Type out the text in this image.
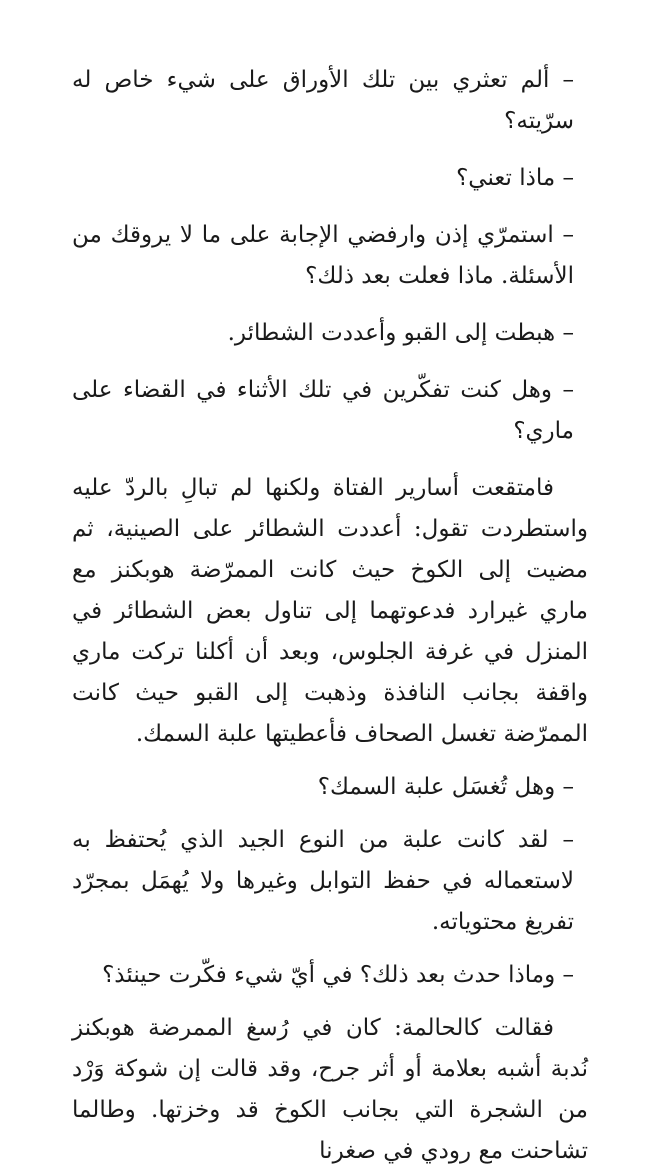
– ألم تعثري بين تلك الأوراق على شيء خاص له سرّيته؟

– ماذا تعني؟

– استمرّي إذن وارفضي الإجابة على ما لا يروقك من الأسئلة. ماذا فعلت بعد ذلك؟

– هبطت إلى القبو وأعددت الشطائر.

– وهل كنت تفكّرين في تلك الأثناء في القضاء على ماري؟

فامتقعت أسارير الفتاة ولكنها لم تبالِ بالردّ عليه واستطردت تقول: أعددت الشطائر على الصينية، ثم مضيت إلى الكوخ حيث كانت الممرّضة هوبكنز مع ماري غيرارد فدعوتهما إلى تناول بعض الشطائر في المنزل في غرفة الجلوس، وبعد أن أكلنا تركت ماري واقفة بجانب النافذة وذهبت إلى القبو حيث كانت الممرّضة تغسل الصحاف فأعطيتها علبة السمك.

– وهل تُغسَل علبة السمك؟

– لقد كانت علبة من النوع الجيد الذي يُحتفظ به لاستعماله في حفظ التوابل وغيرها ولا يُهمَل بمجرّد تفريغ محتوياته.

– وماذا حدث بعد ذلك؟ في أيّ شيء فكّرت حينئذ؟

فقالت كالحالمة: كان في رُسغ الممرضة هوبكنز نُدبة أشبه بعلامة أو أثر جرح، وقد قالت إن شوكة وَرْد من الشجرة التي بجانب الكوخ قد وخزتها. وطالما تشاحنت مع رودي في صغرنا
